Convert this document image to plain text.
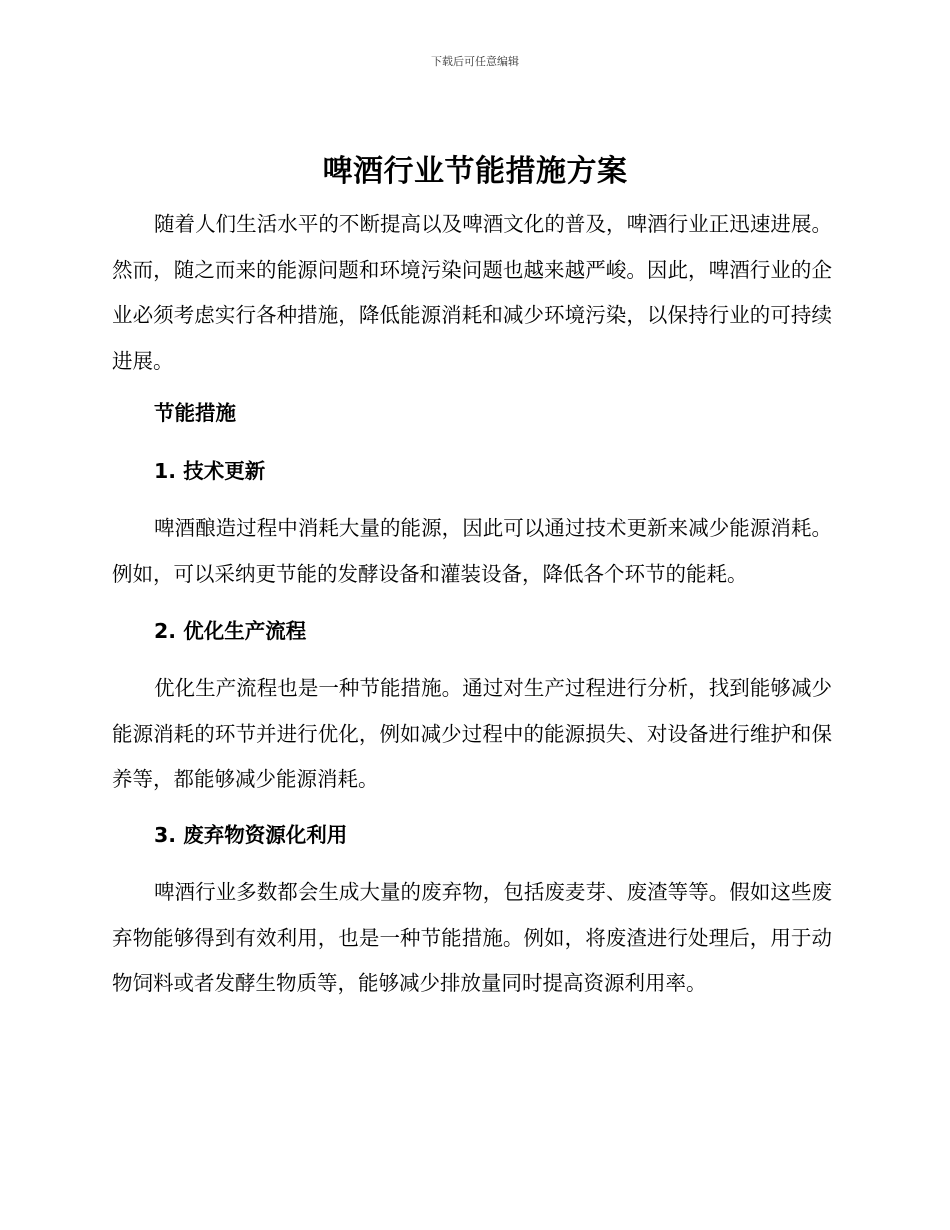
下载后可任意编辑
啤酒行业节能措施方案

随着人们生活水平的不断提高以及啤酒文化的普及，啤酒行业正迅速进展。然而，随之而来的能源问题和环境污染问题也越来越严峻。因此，啤酒行业的企业必须考虑实行各种措施，降低能源消耗和减少环境污染，以保持行业的可持续进展。

节能措施
1. 技术更新

啤酒酿造过程中消耗大量的能源，因此可以通过技术更新来减少能源消耗。例如，可以采纳更节能的发酵设备和灌装设备，降低各个环节的能耗。

2. 优化生产流程

优化生产流程也是一种节能措施。通过对生产过程进行分析，找到能够减少能源消耗的环节并进行优化，例如减少过程中的能源损失、对设备进行维护和保养等，都能够减少能源消耗。

3. 废弃物资源化利用

啤酒行业多数都会生成大量的废弃物，包括废麦芽、废渣等等。假如这些废弃物能够得到有效利用，也是一种节能措施。例如，将废渣进行处理后，用于动物饲料或者发酵生物质等，能够减少排放量同时提高资源利用率。
